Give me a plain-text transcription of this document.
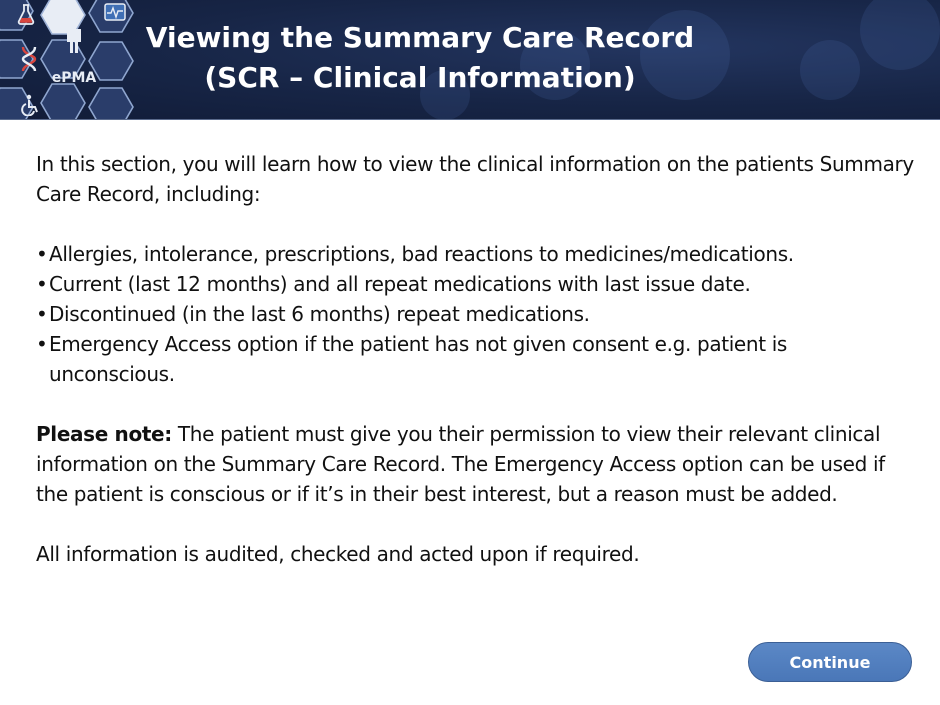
ePMA
Viewing the Summary Care Record
(SCR – Clinical Information)

In this section, you will learn how to view the clinical information on the patients Summary Care Record, including:

• Allergies, intolerance, prescriptions, bad reactions to medicines/medications.
• Current (last 12 months) and all repeat medications with last issue date.
• Discontinued (in the last 6 months) repeat medications.
• Emergency Access option if the patient has not given consent e.g. patient is unconscious.

Please note: The patient must give you their permission to view their relevant clinical information on the Summary Care Record. The Emergency Access option can be used if the patient is conscious or if it’s in their best interest, but a reason must be added.

All information is audited, checked and acted upon if required.

Continue
